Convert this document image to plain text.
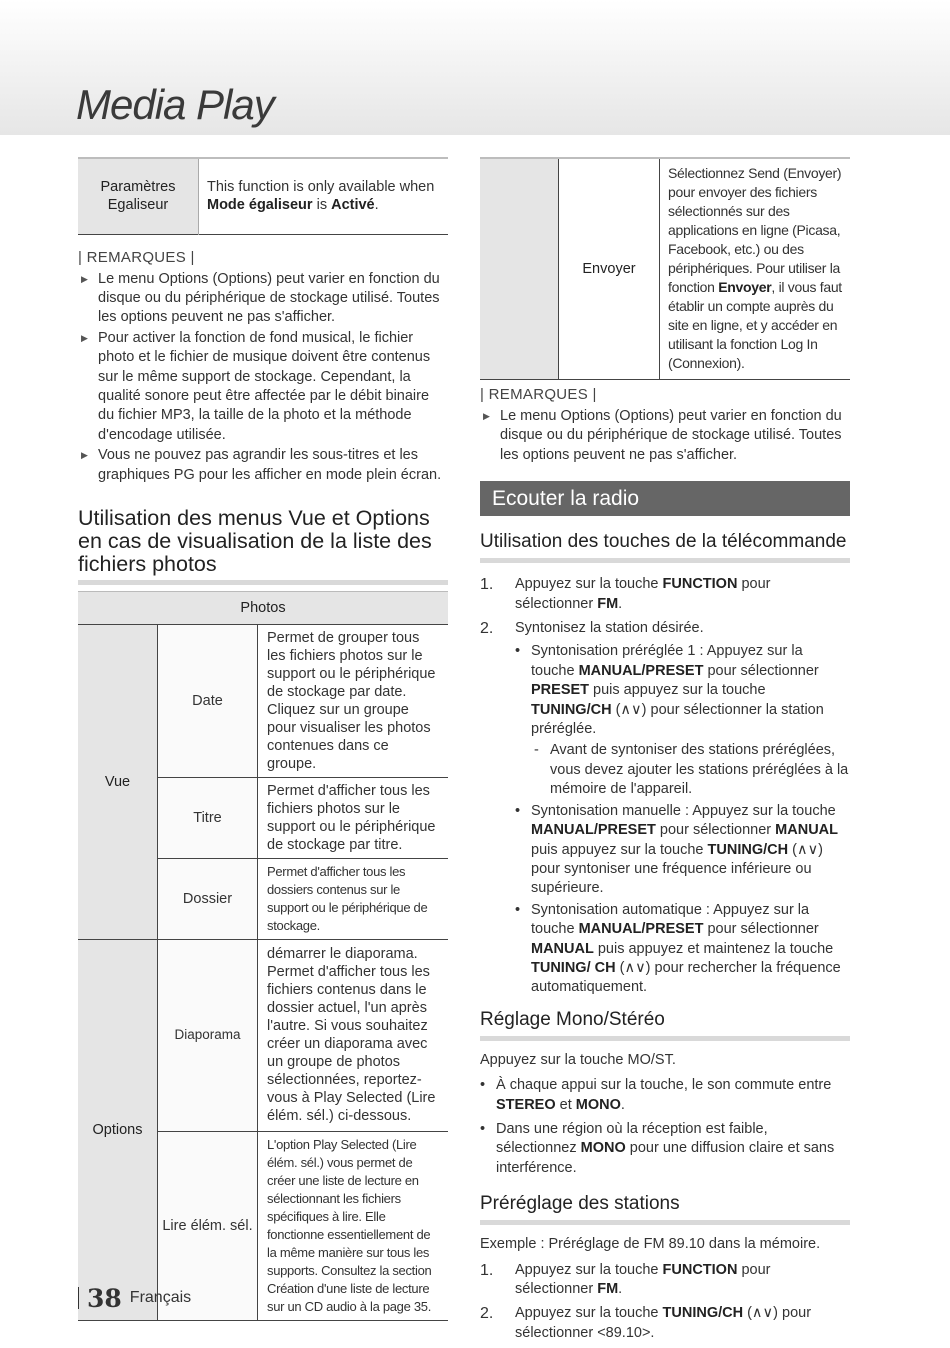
Media Play
Paramètres Egaliseur	This function is only available when Mode égaliseur is Activé.
| REMARQUES |
▶ Le menu Options (Options) peut varier en fonction du disque ou du périphérique de stockage utilisé. Toutes les options peuvent ne pas s'afficher.
▶ Pour activer la fonction de fond musical, le fichier photo et le fichier de musique doivent être contenus sur le même support de stockage. Cependant, la qualité sonore peut être affectée par le débit binaire du fichier MP3, la taille de la photo et la méthode d'encodage utilisée.
▶ Vous ne pouvez pas agrandir les sous-titres et les graphiques PG pour les afficher en mode plein écran.
Utilisation des menus Vue et Options en cas de visualisation de la liste des fichiers photos
Photos		
Vue	Date	Permet de grouper tous les fichiers photos sur le support ou le périphérique de stockage par date. Cliquez sur un groupe pour visualiser les photos contenues dans ce groupe.
	Titre	Permet d'afficher tous les fichiers photos sur le support ou le périphérique de stockage par titre.
	Dossier	Permet d'afficher tous les dossiers contenus sur le support ou le périphérique de stockage.
Options	Diaporama	démarrer le diaporama. Permet d'afficher tous les fichiers contenus dans le dossier actuel, l'un après l'autre. Si vous souhaitez créer un diaporama avec un groupe de photos sélectionnées, reportez-vous à Play Selected (Lire élém. sél.) ci-dessous.
	Lire élém. sél.	L'option Play Selected (Lire élém. sél.) vous permet de créer une liste de lecture en sélectionnant les fichiers spécifiques à lire. Elle fonctionne essentiellement de la même manière sur tous les supports. Consultez la section Création d'une liste de lecture sur un CD audio à la page 35.
	Envoyer	Sélectionnez Send (Envoyer) pour envoyer des fichiers sélectionnés sur des applications en ligne (Picasa, Facebook, etc.) ou des périphériques. Pour utiliser la fonction Envoyer, il vous faut établir un compte auprès du site en ligne, et y accéder en utilisant la fonction Log In (Connexion).
| REMARQUES |
▶ Le menu Options (Options) peut varier en fonction du disque ou du périphérique de stockage utilisé. Toutes les options peuvent ne pas s'afficher.
Ecouter la radio
Utilisation des touches de la télécommande
1. Appuyez sur la touche FUNCTION pour sélectionner FM.
2. Syntonisez la station désirée.
• Syntonisation préréglée 1 : Appuyez sur la touche MANUAL/PRESET pour sélectionner PRESET puis appuyez sur la touche TUNING/CH (∧∨) pour sélectionner la station préréglée.
- Avant de syntoniser des stations préréglées, vous devez ajouter les stations préréglées à la mémoire de l'appareil.
• Syntonisation manuelle : Appuyez sur la touche MANUAL/PRESET pour sélectionner MANUAL puis appuyez sur la touche TUNING/CH (∧∨) pour syntoniser une fréquence inférieure ou supérieure.
• Syntonisation automatique : Appuyez sur la touche MANUAL/PRESET pour sélectionner MANUAL puis appuyez et maintenez la touche TUNING/ CH (∧∨) pour rechercher la fréquence automatiquement.
Réglage Mono/Stéréo

Appuyez sur la touche MO/ST.

• À chaque appui sur la touche, le son commute entre STEREO et MONO.
• Dans une région où la réception est faible, sélectionnez MONO pour une diffusion claire et sans interférence.
Préréglage des stations

Exemple : Préréglage de FM 89.10 dans la mémoire.

1. Appuyez sur la touche FUNCTION pour sélectionner FM.
2. Appuyez sur la touche TUNING/CH (∧∨) pour sélectionner <89.10>.
38 Français
